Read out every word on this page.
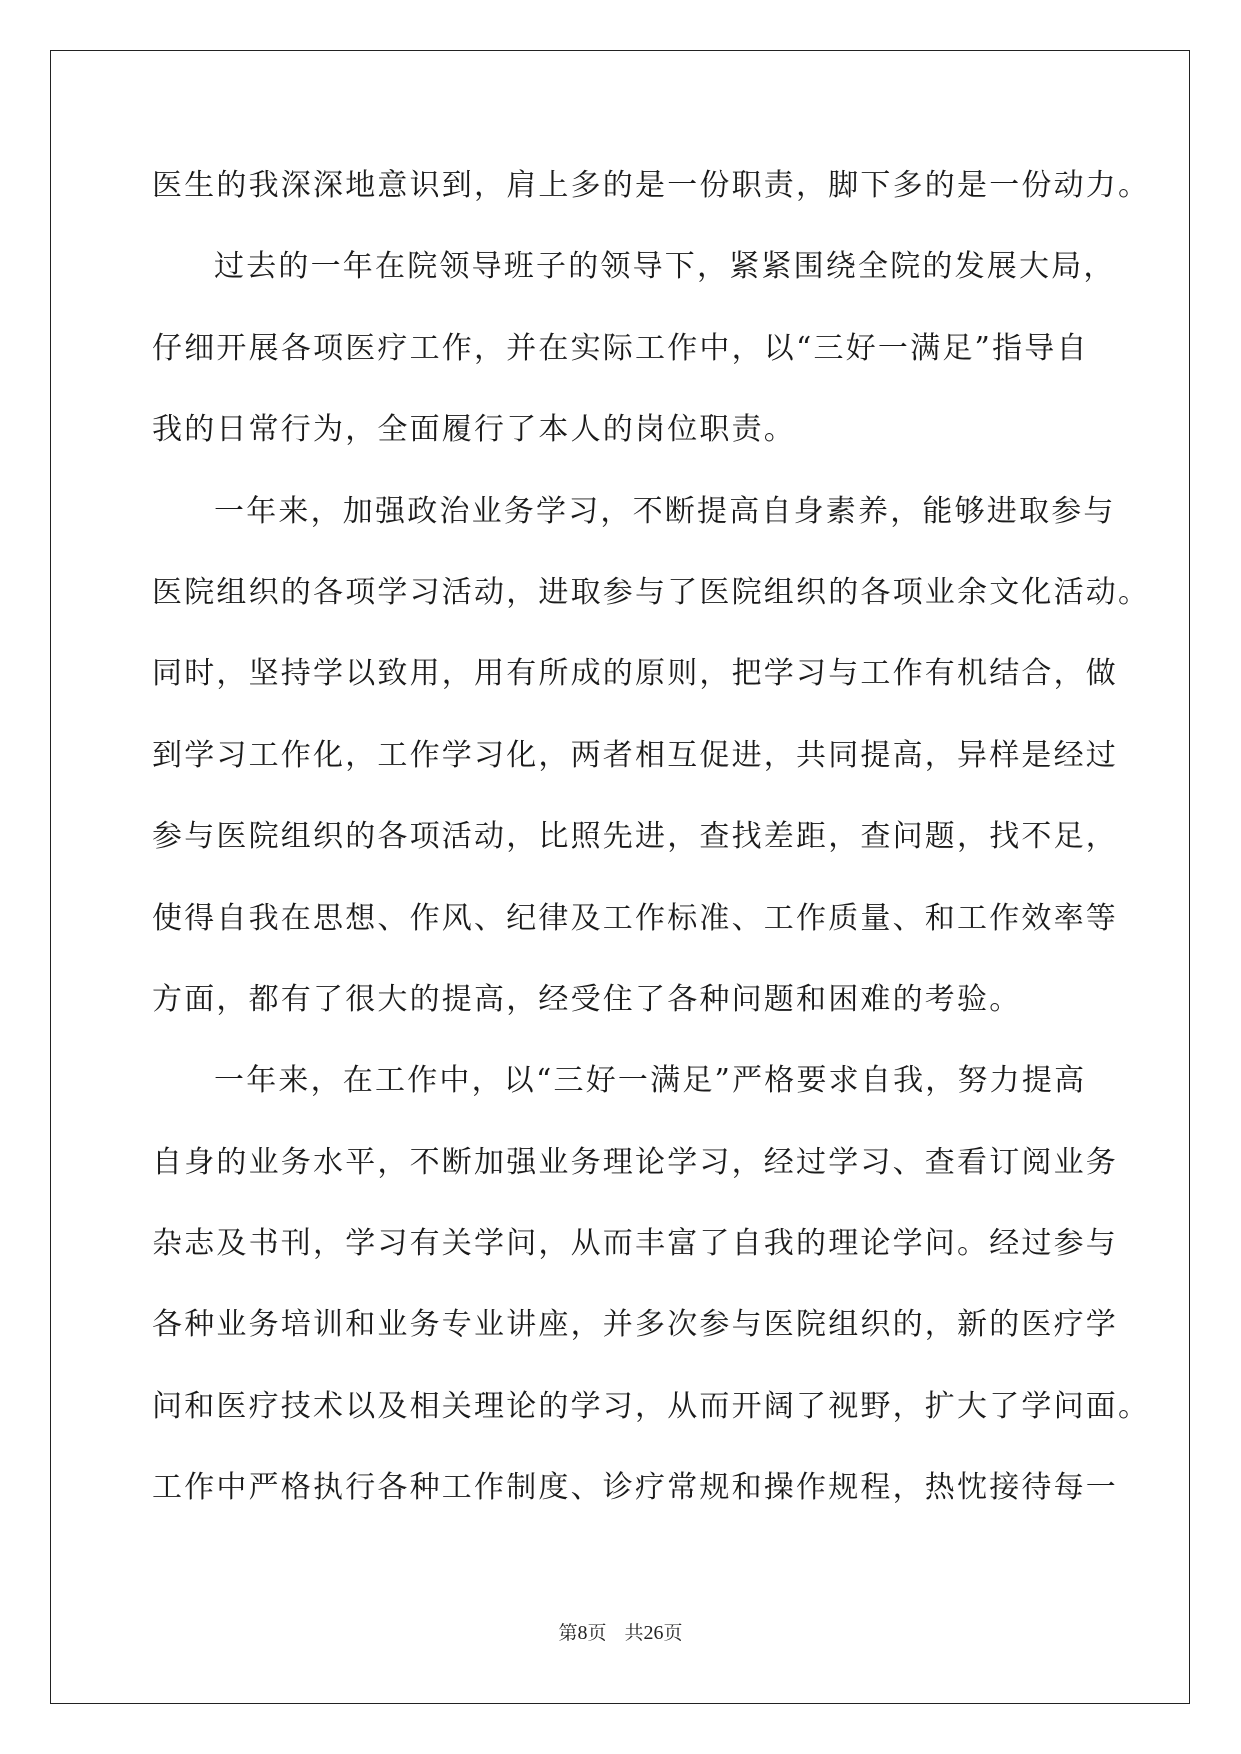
医生的我深深地意识到，肩上多的是一份职责，脚下多的是一份动力。
过去的一年在院领导班子的领导下，紧紧围绕全院的发展大局，
仔细开展各项医疗工作，并在实际工作中，以“三好一满足”指导自
我的日常行为，全面履行了本人的岗位职责。
一年来，加强政治业务学习，不断提高自身素养，能够进取参与
医院组织的各项学习活动，进取参与了医院组织的各项业余文化活动。
同时，坚持学以致用，用有所成的原则，把学习与工作有机结合，做
到学习工作化，工作学习化，两者相互促进，共同提高，异样是经过
参与医院组织的各项活动，比照先进，查找差距，查问题，找不足，
使得自我在思想、作风、纪律及工作标准、工作质量、和工作效率等
方面，都有了很大的提高，经受住了各种问题和困难的考验。
一年来，在工作中，以“三好一满足”严格要求自我，努力提高
自身的业务水平，不断加强业务理论学习，经过学习、查看订阅业务
杂志及书刊，学习有关学问，从而丰富了自我的理论学问。经过参与
各种业务培训和业务专业讲座，并多次参与医院组织的，新的医疗学
问和医疗技术以及相关理论的学习，从而开阔了视野，扩大了学问面。
工作中严格执行各种工作制度、诊疗常规和操作规程，热忱接待每一
第8页 共26页
